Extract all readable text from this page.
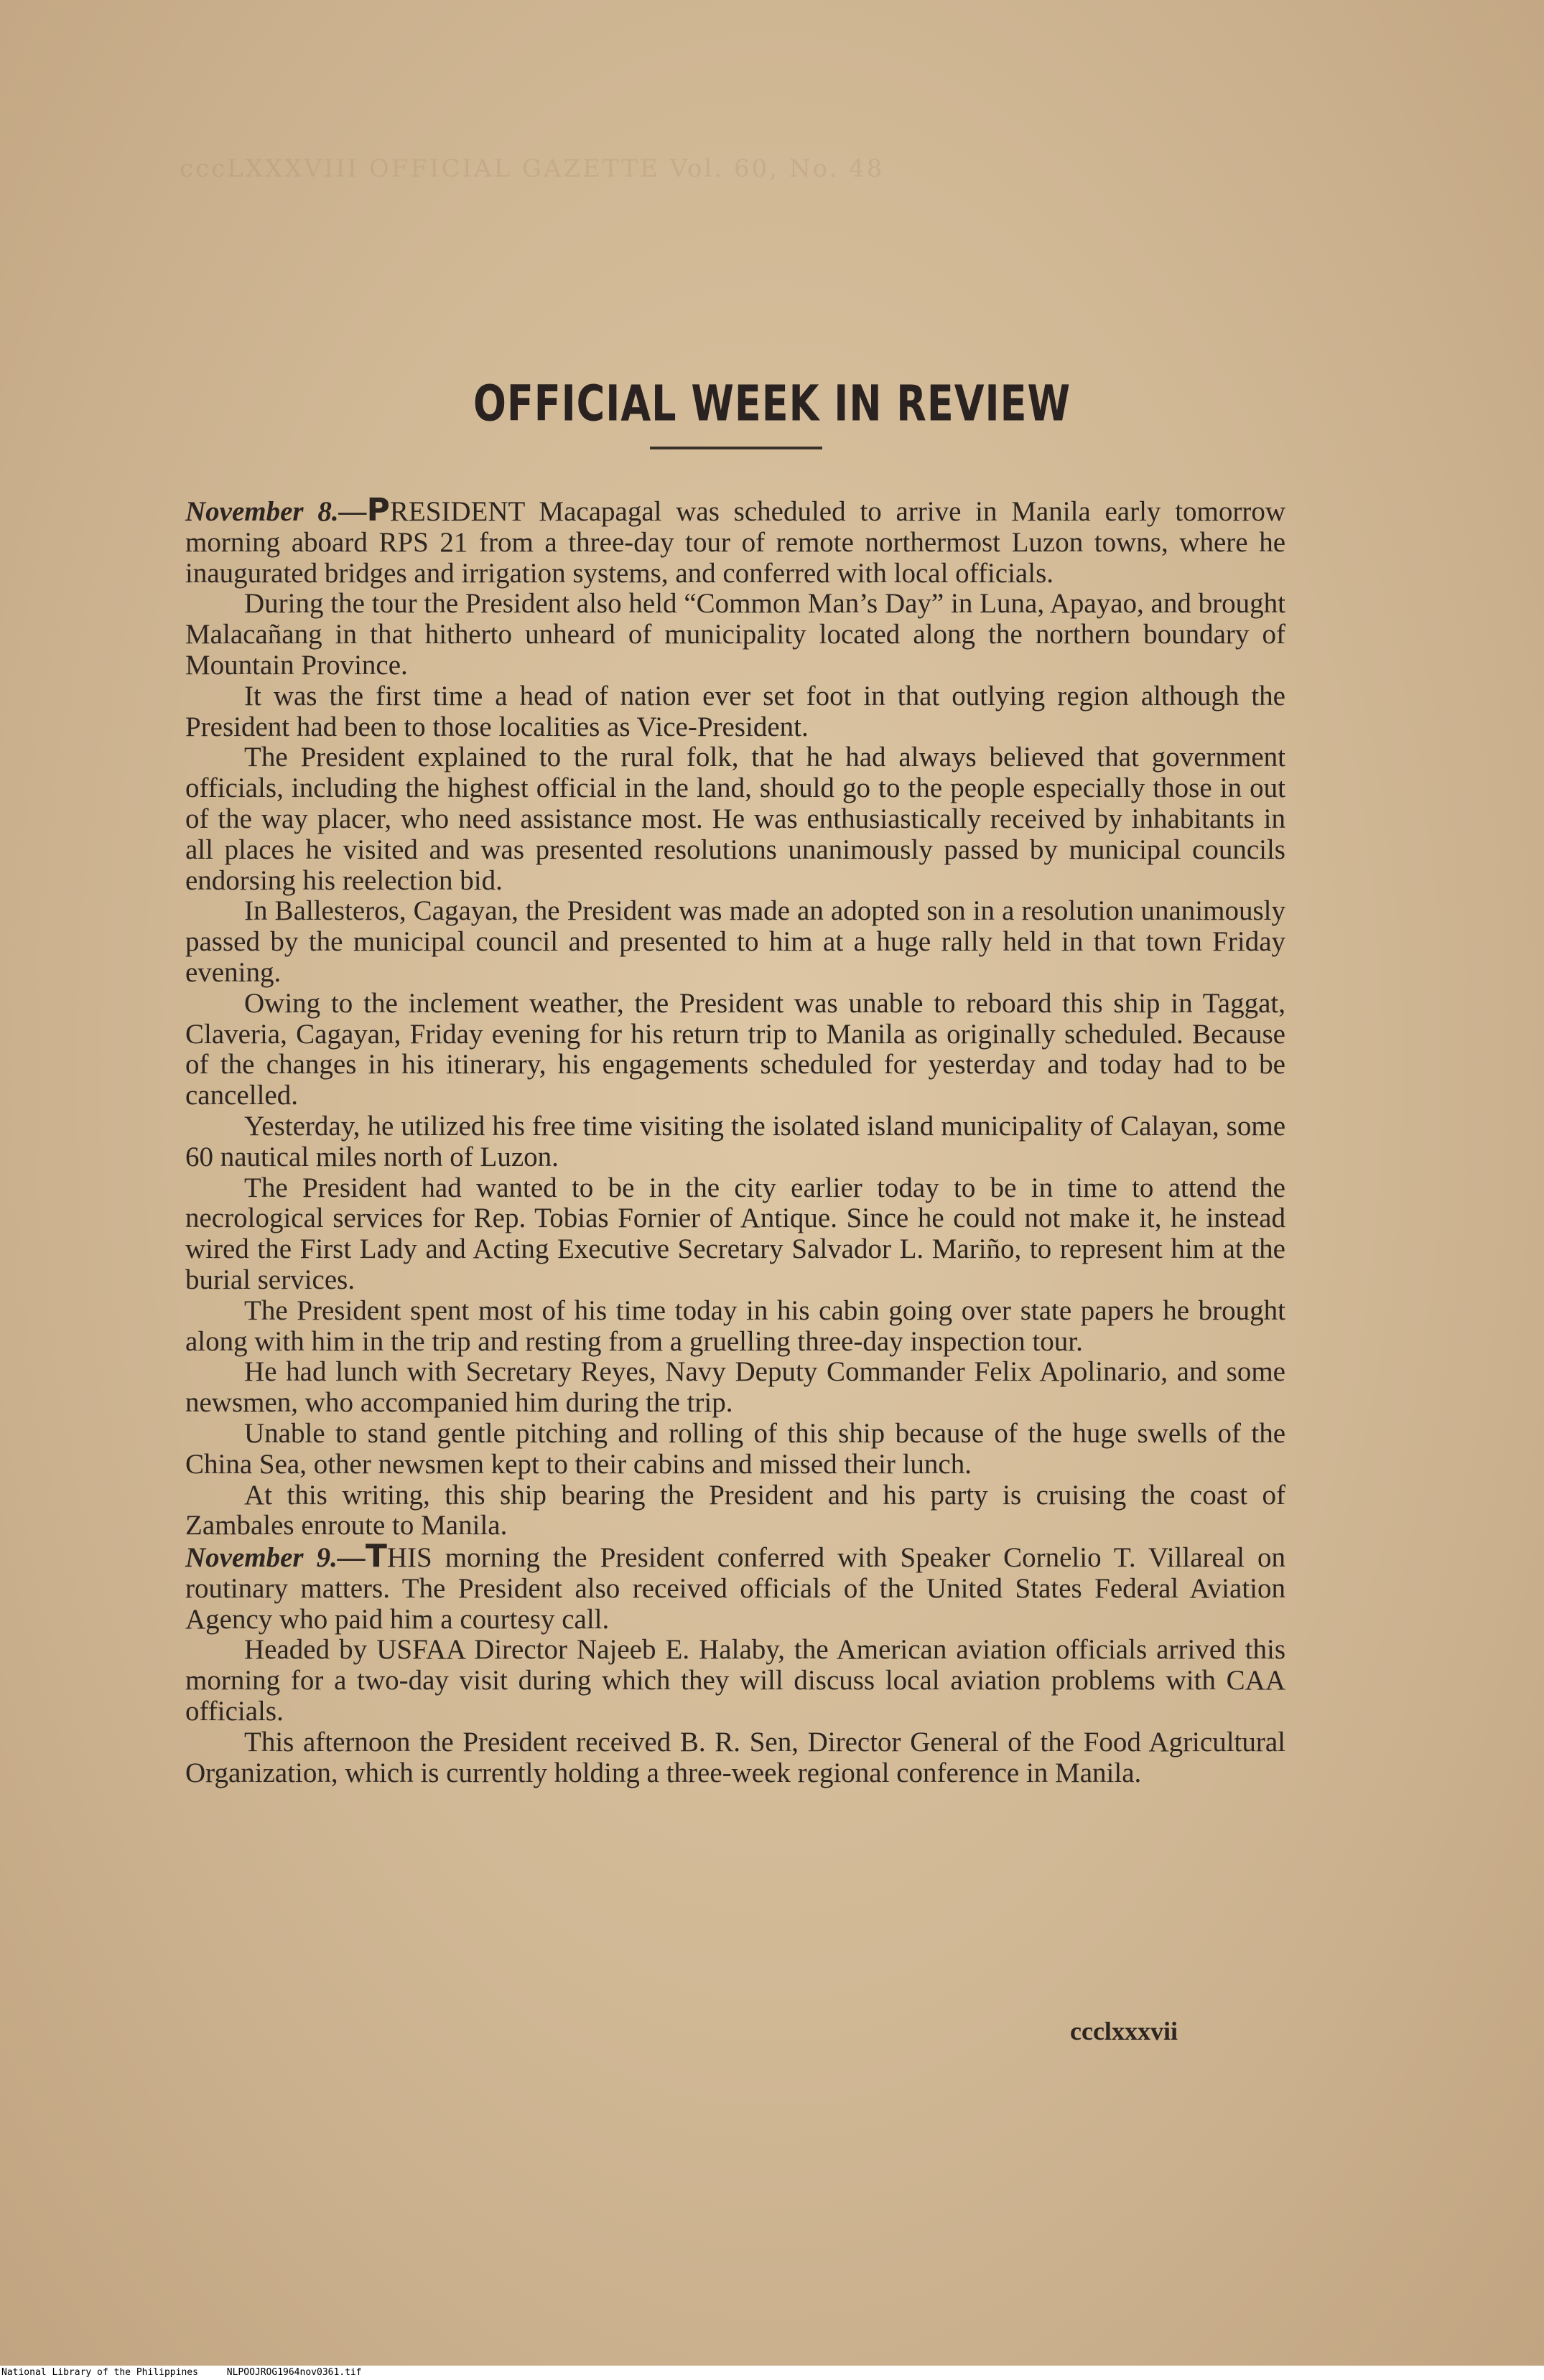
cccLXXXVIII OFFICIAL GAZETTE Vol. 60, No. 48
OFFICIAL WEEK IN REVIEW

November 8.—PRESIDENT Macapagal was scheduled to arrive in Manila early tomorrow morning aboard RPS 21 from a three-day tour of remote northermost Luzon towns, where he inaugurated bridges and irrigation systems, and conferred with local officials.

During the tour the President also held “Common Man’s Day” in Luna, Apayao, and brought Malacañang in that hitherto unheard of municipality located along the northern boundary of Mountain Province.

It was the first time a head of nation ever set foot in that outlying region although the President had been to those localities as Vice-President.

The President explained to the rural folk, that he had always believed that government officials, including the highest official in the land, should go to the people especially those in out of the way placer, who need assistance most. He was enthusiastically received by inhabitants in all places he visited and was presented resolutions unanimously passed by municipal councils endorsing his reelection bid.

In Ballesteros, Cagayan, the President was made an adopted son in a resolution unanimously passed by the municipal council and presented to him at a huge rally held in that town Friday evening.

Owing to the inclement weather, the President was unable to reboard this ship in Taggat, Claveria, Cagayan, Friday evening for his return trip to Manila as originally scheduled. Because of the changes in his itinerary, his engagements scheduled for yesterday and today had to be cancelled.

Yesterday, he utilized his free time visiting the isolated island municipality of Calayan, some 60 nautical miles north of Luzon.

The President had wanted to be in the city earlier today to be in time to attend the necrological services for Rep. Tobias Fornier of Antique. Since he could not make it, he instead wired the First Lady and Acting Executive Secretary Salvador L. Mariño, to represent him at the burial services.

The President spent most of his time today in his cabin going over state papers he brought along with him in the trip and resting from a gruelling three-day inspection tour.

He had lunch with Secretary Reyes, Navy Deputy Commander Felix Apolinario, and some newsmen, who accompanied him during the trip.

Unable to stand gentle pitching and rolling of this ship because of the huge swells of the China Sea, other newsmen kept to their cabins and missed their lunch.

At this writing, this ship bearing the President and his party is cruising the coast of Zambales enroute to Manila.

November 9.—THIS morning the President conferred with Speaker Cornelio T. Villareal on routinary matters. The President also received officials of the United States Federal Aviation Agency who paid him a courtesy call.

Headed by USFAA Director Najeeb E. Halaby, the American aviation officials arrived this morning for a two-day visit during which they will discuss local aviation problems with CAA officials.

This afternoon the President received B. R. Sen, Director General of the Food Agricultural Organization, which is currently holding a three-week regional conference in Manila.

ccclxxxvii
National Library of the Philippines	NLPOOJROG1964nov0361.tif
